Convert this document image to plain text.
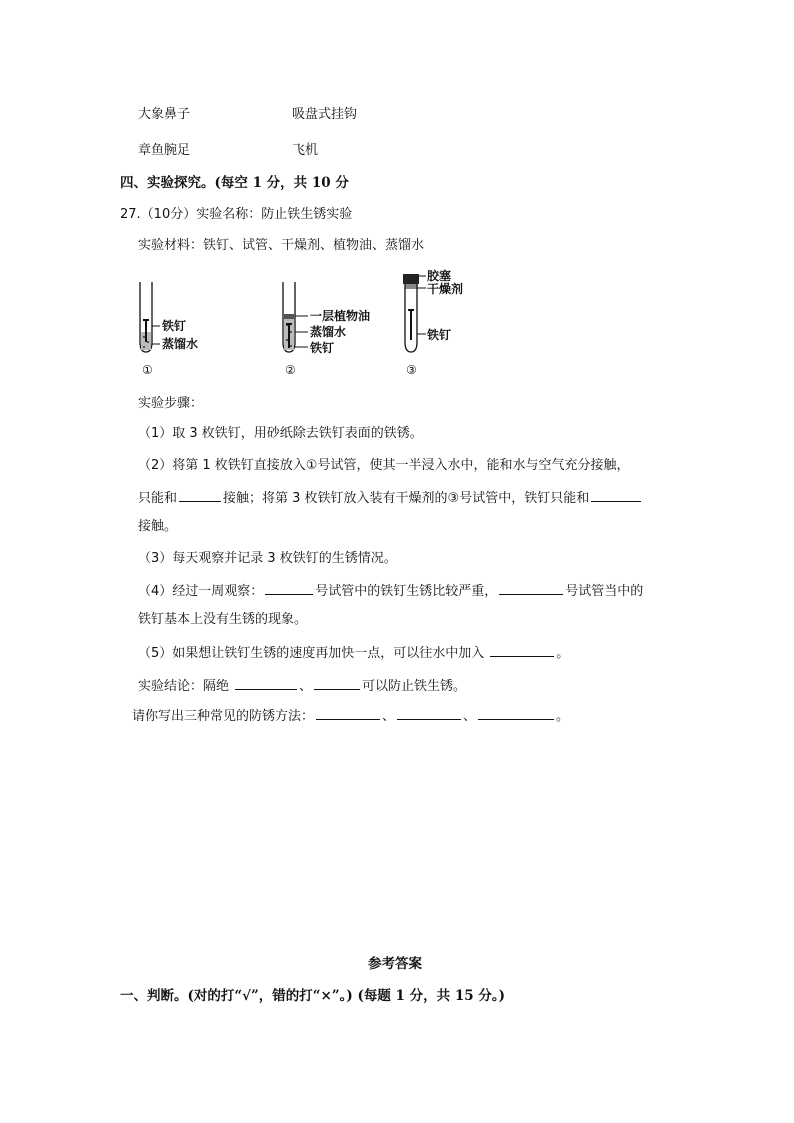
大象鼻子	吸盘式挂钩
章鱼腕足	飞机
四、实验探究。(每空 1 分，共 10 分
27.（10分）实验名称：防止铁生锈实验
实验材料：铁钉、试管、干燥剂、植物油、蒸馏水
铁钉
蒸馏水
①
一层植物油
蒸馏水
铁钉
②
胶塞
干燥剂
铁钉
③
实验步骤：
（1）取 3 枚铁钉，用砂纸除去铁钉表面的铁锈。
（2）将第 1 枚铁钉直接放入①号试管，使其一半浸入水中，能和水与空气充分接触，
只能和	接触；将第 3 枚铁钉放入装有干燥剂的③号试管中，铁钉只能和
接触。
（3）每天观察并记录 3 枚铁钉的生锈情况。
（4）经过一周观察：	号试管中的铁钉生锈比较严重，	号试管当中的
铁钉基本上没有生锈的现象。
（5）如果想让铁钉生锈的速度再加快一点，可以往水中加入	。
实验结论：隔绝	、	可以防止铁生锈。
请你写出三种常见的防锈方法：	、	、	。
参考答案
一、判断。(对的打“√”，错的打“×”。) (每题 1 分，共 15 分。)
